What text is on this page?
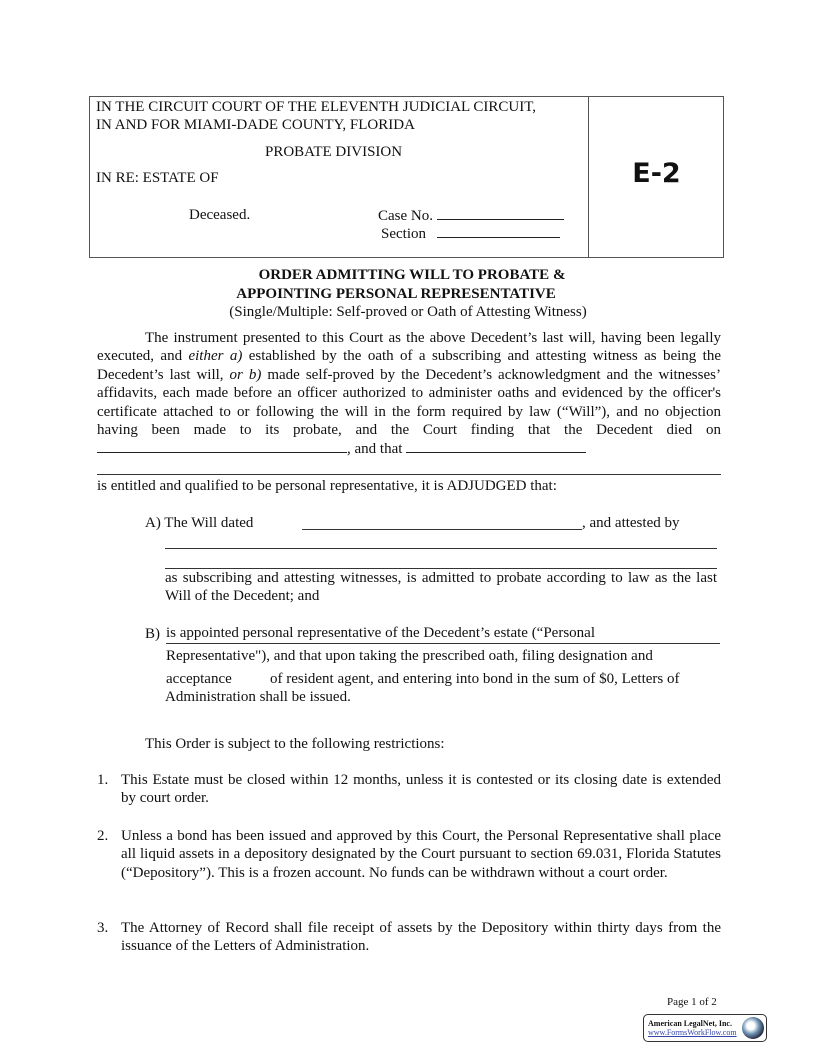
IN THE CIRCUIT COURT OF THE ELEVENTH JUDICIAL CIRCUIT,
IN AND FOR MIAMI-DADE COUNTY, FLORIDA
PROBATE DIVISION
IN RE: ESTATE OF
Deceased.	Case No.
Section
E-2
ORDER ADMITTING WILL TO PROBATE &
APPOINTING PERSONAL REPRESENTATIVE
(Single/Multiple: Self-proved or Oath of Attesting Witness)
The instrument presented to this Court as the above Decedent’s last will, having been legally executed, and either a) established by the oath of a subscribing and attesting witness as being the Decedent’s last will, or b) made self-proved by the Decedent’s acknowledgment and the witnesses’ affidavits, each made before an officer authorized to administer oaths and evidenced by the officer's certificate attached to or following the will in the form required by law (“Will”), and no objection having been made to its probate, and the Court finding that the Decedent died on , and that
is entitled and qualified to be personal representative, it is ADJUDGED that:
A) The Will dated	, and attested by
as subscribing and attesting witnesses, is admitted to probate according to law as the last Will of the Decedent; and
B) is appointed personal representative of the Decedent’s estate (“Personal
Representative"), and that upon taking the prescribed oath, filing designation and
acceptance	of resident agent, and entering into bond in the sum of $0, Letters of
Administration shall be issued.
This Order is subject to the following restrictions:
1. This Estate must be closed within 12 months, unless it is contested or its closing date is extended by court order.
2. Unless a bond has been issued and approved by this Court, the Personal Representative shall place all liquid assets in a depository designated by the Court pursuant to section 69.031, Florida Statutes (“Depository”). This is a frozen account. No funds can be withdrawn without a court order.
3. The Attorney of Record shall file receipt of assets by the Depository within thirty days from the issuance of the Letters of Administration.
Page 1 of 2
American LegalNet, Inc.
www.FormsWorkFlow.com
